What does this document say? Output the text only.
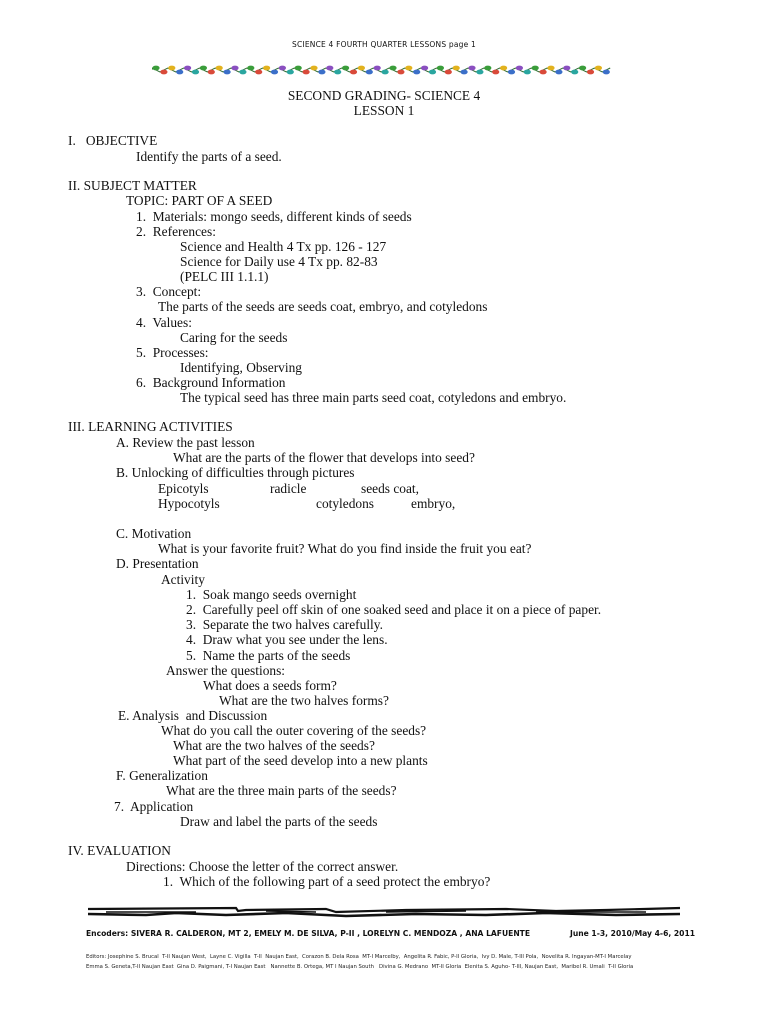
SCIENCE 4 FOURTH QUARTER LESSONS page 1
SECOND GRADING- SCIENCE 4
LESSON 1
I.   OBJECTIVE
Identify the parts of a seed.
II. SUBJECT MATTER
TOPIC: PART OF A SEED
1.  Materials: mongo seeds, different kinds of seeds
2.  References:
Science and Health 4 Tx pp. 126 - 127
Science for Daily use 4 Tx pp. 82-83
(PELC III 1.1.1)
3.  Concept:
The parts of the seeds are seeds coat, embryo, and cotyledons
4.  Values:
Caring for the seeds
5.  Processes:
Identifying, Observing
6.  Background Information
The typical seed has three main parts seed coat, cotyledons and embryo.
III. LEARNING ACTIVITIES
A. Review the past lesson
What are the parts of the flower that develops into seed?
B. Unlocking of difficulties through pictures
Epicotyls	radicle	seeds coat,
Hypocotyls	cotyledons	embryo,
C. Motivation
What is your favorite fruit? What do you find inside the fruit you eat?
D. Presentation
Activity
1.  Soak mango seeds overnight
2.  Carefully peel off skin of one soaked seed and place it on a piece of paper.
3.  Separate the two halves carefully.
4.  Draw what you see under the lens.
5.  Name the parts of the seeds
Answer the questions:
What does a seeds form?
What are the two halves forms?
E. Analysis  and Discussion
What do you call the outer covering of the seeds?
What are the two halves of the seeds?
What part of the seed develop into a new plants
F. Generalization
What are the three main parts of the seeds?
7.  Application
Draw and label the parts of the seeds
IV. EVALUATION
Directions: Choose the letter of the correct answer.
1.  Which of the following part of a seed protect the embryo?
Encoders: SIVERA R. CALDERON, MT 2, EMELY M. DE SILVA, P-II , LORELYN C. MENDOZA , ANA LAFUENTE	June 1-3, 2010/May 4-6, 2011
Editors: Josephine S. Brucal  T-II Naujan West,  Layne C. Vigilla  T-II  Naujan East,  Corazon B. Dela Rosa  MT-I Marcelby,  Angelita R. Fabic, P-II Gloria,  Ivy D. Male, T-III Pola,  Novelita R. Ingayan-MT-I Marcelay
Emma S. Geneta,T-II Naujan East  Gina D. Paigmani, T-I Naujan East   Nannette B. Ortega, MT I Naujan South   Divina G. Medrano  MT-II Gloria  Elenita S. Aguho- T-III, Naujan East,  Maribel R. Umali  T-II Gloria
